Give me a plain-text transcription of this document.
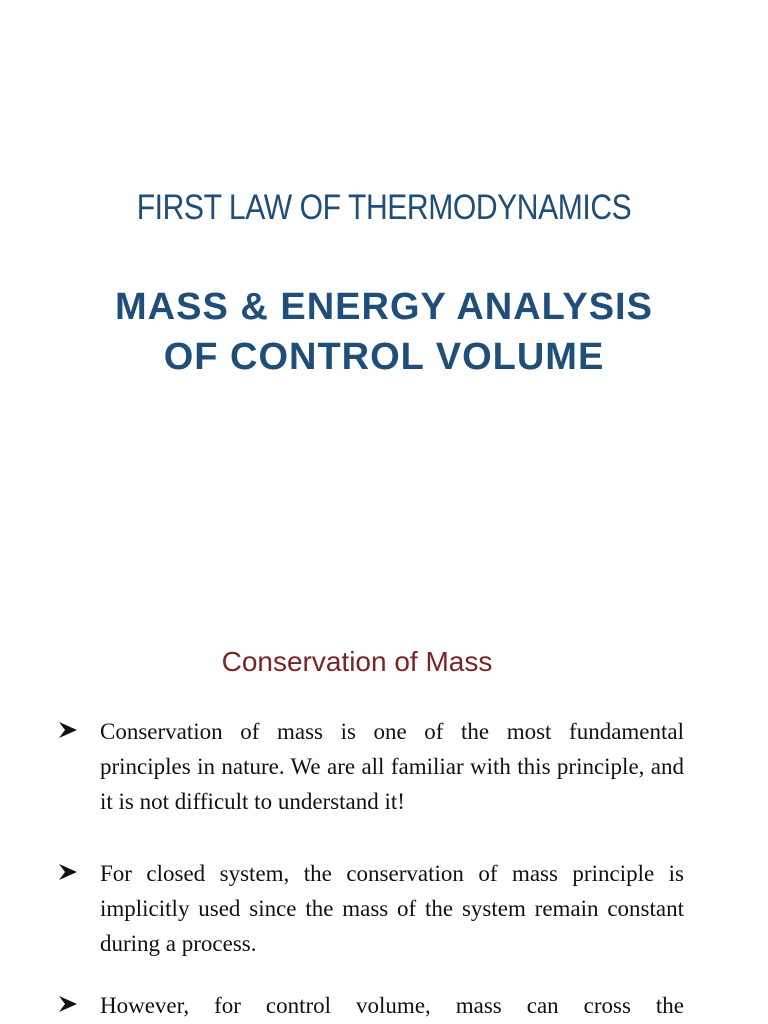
FIRST LAW OF THERMODYNAMICS
MASS & ENERGY ANALYSIS
OF CONTROL VOLUME
Conservation of Mass

Conservation of mass is one of the most fundamental principles in nature. We are all familiar with this principle, and it is not difficult to understand it!

For closed system, the conservation of mass principle is implicitly used since the mass of the system remain constant during a process.

However, for control volume, mass can cross the
